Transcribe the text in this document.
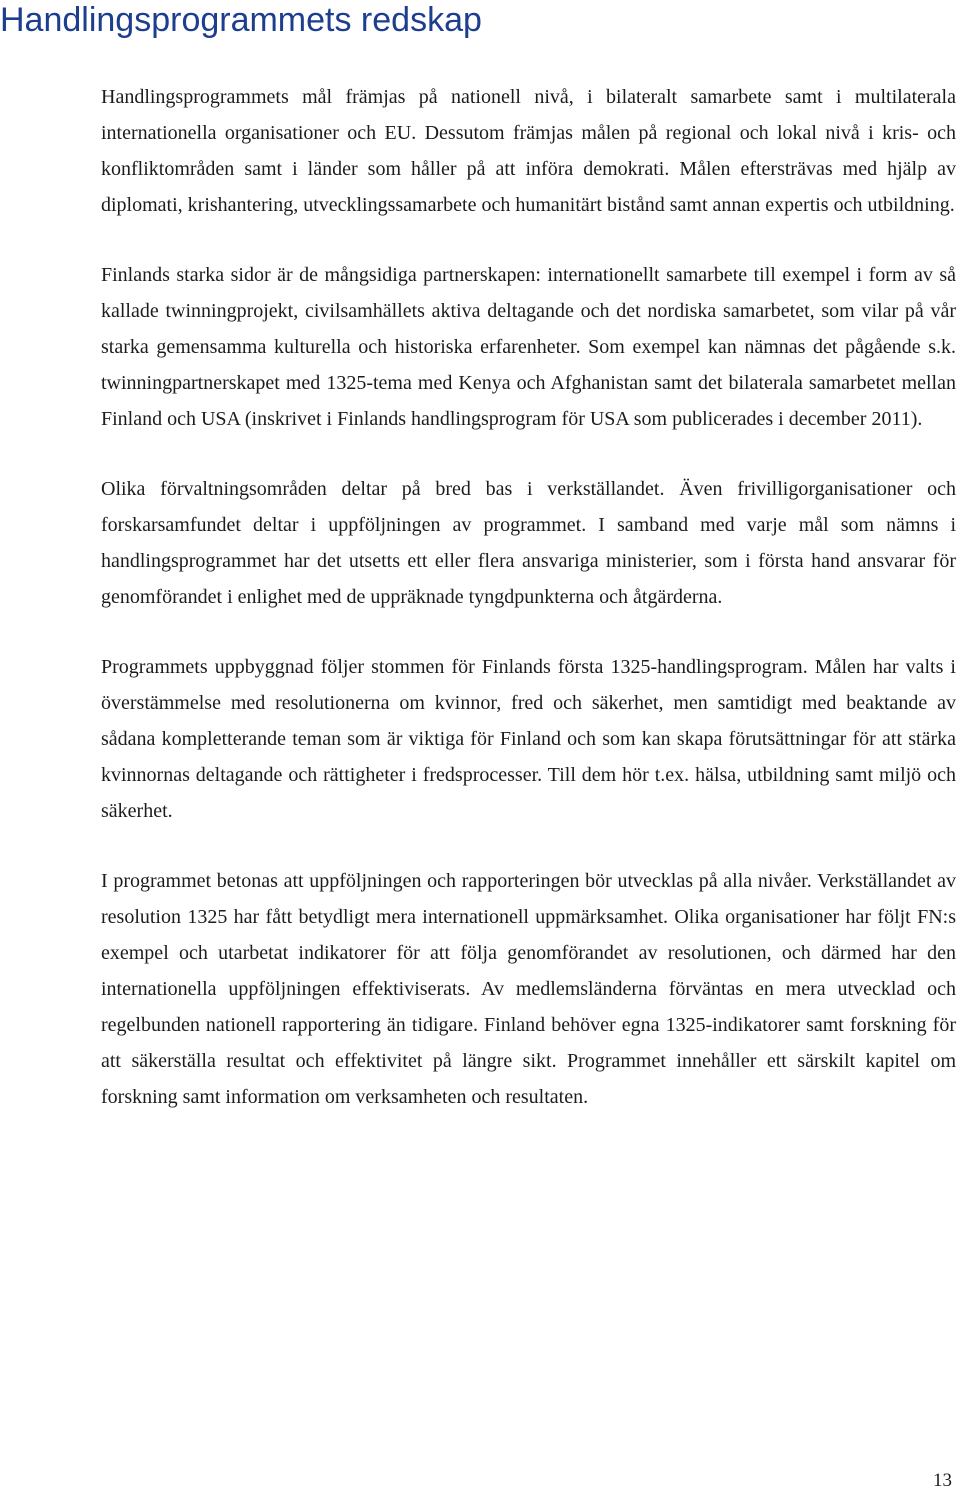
Handlingsprogrammets redskap

Handlingsprogrammets mål främjas på nationell nivå, i bilateralt samarbete samt i multilaterala internationella organisationer och EU. Dessutom främjas målen på regional och lokal nivå i kris- och konfliktområden samt i länder som håller på att införa demokrati. Målen eftersträvas med hjälp av diplomati, krishantering, utvecklingssamarbete och humanitärt bistånd samt annan expertis och utbildning.

Finlands starka sidor är de mångsidiga partnerskapen: internationellt samarbete till exempel i form av så kallade twinningprojekt, civilsamhällets aktiva deltagande och det nordiska samarbetet, som vilar på vår starka gemensamma kulturella och historiska erfarenheter. Som exempel kan nämnas det pågående s.k. twinningpartnerskapet med 1325-tema med Kenya och Afghanistan samt det bilaterala samarbetet mellan Finland och USA (inskrivet i Finlands handlingsprogram för USA som publicerades i december 2011).

Olika förvaltningsområden deltar på bred bas i verkställandet. Även frivilligorganisationer och forskarsamfundet deltar i uppföljningen av programmet. I samband med varje mål som nämns i handlingsprogrammet har det utsetts ett eller flera ansvariga ministerier, som i första hand ansvarar för genomförandet i enlighet med de uppräknade tyngdpunkterna och åtgärderna.

Programmets uppbyggnad följer stommen för Finlands första 1325-handlingsprogram. Målen har valts i överstämmelse med resolutionerna om kvinnor, fred och säkerhet, men samtidigt med beaktande av sådana kompletterande teman som är viktiga för Finland och som kan skapa förutsättningar för att stärka kvinnornas deltagande och rättigheter i fredsprocesser. Till dem hör t.ex. hälsa, utbildning samt miljö och säkerhet.

I programmet betonas att uppföljningen och rapporteringen bör utvecklas på alla nivåer. Verkställandet av resolution 1325 har fått betydligt mera internationell uppmärksamhet. Olika organisationer har följt FN:s exempel och utarbetat indikatorer för att följa genomförandet av resolutionen, och därmed har den internationella uppföljningen effektiviserats. Av medlemsländerna förväntas en mera utvecklad och regelbunden nationell rapportering än tidigare. Finland behöver egna 1325-indikatorer samt forskning för att säkerställa resultat och effektivitet på längre sikt. Programmet innehåller ett särskilt kapitel om forskning samt information om verksamheten och resultaten.

13
